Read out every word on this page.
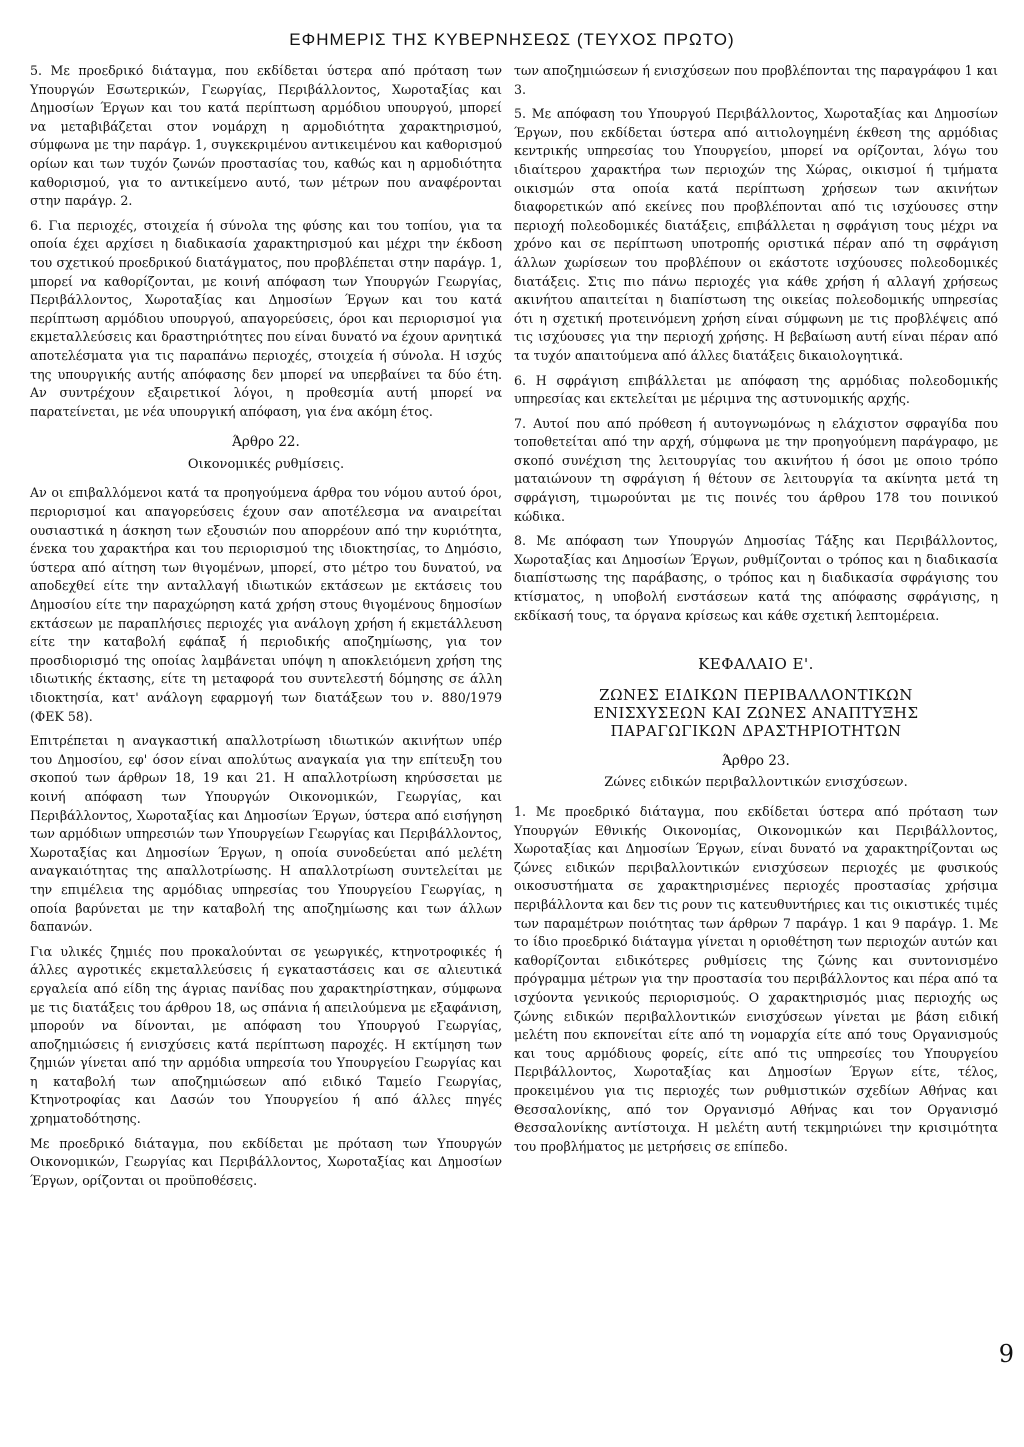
ΕΦΗΜΕΡΙΣ ΤΗΣ ΚΥΒΕΡΝΗΣΕΩΣ (ΤΕΥΧΟΣ ΠΡΩΤΟ)

5. Με προεδρικό διάταγμα, που εκδίδεται ύστερα από πρόταση των Υπουργών Εσωτερικών, Γεωργίας, Περιβάλλοντος, Χωροταξίας και Δημοσίων Έργων και του κατά περίπτωση αρμόδιου υπουργού, μπορεί να μεταβιβάζεται στον νομάρχη η αρμοδιότητα χαρακτηρισμού, σύμφωνα με την παράγρ. 1, συγκεκριμένου αντικειμένου και καθορισμού ορίων και των τυχόν ζωνών προστασίας του, καθώς και η αρμοδιότητα καθορισμού, για το αντικείμενο αυτό, των μέτρων που αναφέρονται στην παράγρ. 2.

6. Για περιοχές, στοιχεία ή σύνολα της φύσης και του τοπίου, για τα οποία έχει αρχίσει η διαδικασία χαρακτηρισμού και μέχρι την έκδοση του σχετικού προεδρικού διατάγματος, που προβλέπεται στην παράγρ. 1, μπορεί να καθορίζονται, με κοινή απόφαση των Υπουργών Γεωργίας, Περιβάλλοντος, Χωροταξίας και Δημοσίων Έργων και του κατά περίπτωση αρμόδιου υπουργού, απαγορεύσεις, όροι και περιορισμοί για εκμεταλλεύσεις και δραστηριότητες που είναι δυνατό να έχουν αρνητικά αποτελέσματα για τις παραπάνω περιοχές, στοιχεία ή σύνολα. Η ισχύς της υπουργικής αυτής απόφασης δεν μπορεί να υπερβαίνει τα δύο έτη. Αν συντρέχουν εξαιρετικοί λόγοι, η προθεσμία αυτή μπορεί να παρατείνεται, με νέα υπουργική απόφαση, για ένα ακόμη έτος.

Άρθρο 22.
Οικονομικές ρυθμίσεις.

Αν οι επιβαλλόμενοι κατά τα προηγούμενα άρθρα του νόμου αυτού όροι, περιορισμοί και απαγορεύσεις έχουν σαν αποτέλεσμα να αναιρείται ουσιαστικά η άσκηση των εξουσιών που απορρέουν από την κυριότητα, ένεκα του χαρακτήρα και του περιορισμού της ιδιοκτησίας, το Δημόσιο, ύστερα από αίτηση των θιγομένων, μπορεί, στο μέτρο του δυνατού, να αποδεχθεί είτε την ανταλλαγή ιδιωτικών εκτάσεων με εκτάσεις του Δημοσίου είτε την παραχώρηση κατά χρήση στους θιγομένους δημοσίων εκτάσεων με παραπλήσιες περιοχές για ανάλογη χρήση ή εκμετάλλευση είτε την καταβολή εφάπαξ ή περιοδικής αποζημίωσης, για τον προσδιορισμό της οποίας λαμβάνεται υπόψη η αποκλειόμενη χρήση της ιδιωτικής έκτασης, είτε τη μεταφορά του συντελεστή δόμησης σε άλλη ιδιοκτησία, κατ' ανάλογη εφαρμογή των διατάξεων του ν. 880/1979 (ΦΕΚ 58).

Επιτρέπεται η αναγκαστική απαλλοτρίωση ιδιωτικών ακινήτων υπέρ του Δημοσίου, εφ' όσον είναι απολύτως αναγκαία για την επίτευξη του σκοπού των άρθρων 18, 19 και 21. Η απαλλοτρίωση κηρύσσεται με κοινή απόφαση των Υπουργών Οικονομικών, Γεωργίας, και Περιβάλλοντος, Χωροταξίας και Δημοσίων Έργων, ύστερα από εισήγηση των αρμόδιων υπηρεσιών των Υπουργείων Γεωργίας και Περιβάλλοντος, Χωροταξίας και Δημοσίων Έργων, η οποία συνοδεύεται από μελέτη αναγκαιότητας της απαλλοτρίωσης. Η απαλλοτρίωση συντελείται με την επιμέλεια της αρμόδιας υπηρεσίας του Υπουργείου Γεωργίας, η οποία βαρύνεται με την καταβολή της αποζημίωσης και των άλλων δαπανών.

Για υλικές ζημιές που προκαλούνται σε γεωργικές, κτηνοτροφικές ή άλλες αγροτικές εκμεταλλεύσεις ή εγκαταστάσεις και σε αλιευτικά εργαλεία από είδη της άγριας πανίδας που χαρακτηρίστηκαν, σύμφωνα με τις διατάξεις του άρθρου 18, ως σπάνια ή απειλούμενα με εξαφάνιση, μπορούν να δίνονται, με απόφαση του Υπουργού Γεωργίας, αποζημιώσεις ή ενισχύσεις κατά περίπτωση παροχές. Η εκτίμηση των ζημιών γίνεται από την αρμόδια υπηρεσία του Υπουργείου Γεωργίας και η καταβολή των αποζημιώσεων από ειδικό Ταμείο Γεωργίας, Κτηνοτροφίας και Δασών του Υπουργείου ή από άλλες πηγές χρηματοδότησης.

Με προεδρικό διάταγμα, που εκδίδεται με πρόταση των Υπουργών Οικονομικών, Γεωργίας και Περιβάλλοντος, Χωροταξίας και Δημοσίων Έργων, ορίζονται οι προϋποθέσεις.

των αποζημιώσεων ή ενισχύσεων που προβλέπονται της παραγράφου 1 και 3.

5. Με απόφαση του Υπουργού Περιβάλλοντος, Χωροταξίας και Δημοσίων Έργων, που εκδίδεται ύστερα από αιτιολογημένη έκθεση της αρμόδιας κεντρικής υπηρεσίας του Υπουργείου, μπορεί να ορίζονται, λόγω του ιδιαίτερου χαρακτήρα των περιοχών της Χώρας, οικισμοί ή τμήματα οικισμών στα οποία κατά περίπτωση χρήσεων των ακινήτων διαφορετικών από εκείνες που προβλέπονται από τις ισχύουσες στην περιοχή πολεοδομικές διατάξεις, επιβάλλεται η σφράγιση τους μέχρι να χρόνο και σε περίπτωση υποτροπής οριστικά πέραν από τη σφράγιση άλλων χωρίσεων του προβλέπουν οι εκάστοτε ισχύουσες πολεοδομικές διατάξεις. Στις πιο πάνω περιοχές για κάθε χρήση ή αλλαγή χρήσεως ακινήτου απαιτείται η διαπίστωση της οικείας πολεοδομικής υπηρεσίας ότι η σχετική προτεινόμενη χρήση είναι σύμφωνη με τις προβλέψεις από τις ισχύουσες για την περιοχή χρήσης. Η βεβαίωση αυτή είναι πέραν από τα τυχόν απαιτούμενα από άλλες διατάξεις δικαιολογητικά.

6. Η σφράγιση επιβάλλεται με απόφαση της αρμόδιας πολεοδομικής υπηρεσίας και εκτελείται με μέριμνα της αστυνομικής αρχής.

7. Αυτοί που από πρόθεση ή αυτογνωμόνως η ελάχιστον σφραγίδα που τοποθετείται από την αρχή, σύμφωνα με την προηγούμενη παράγραφο, με σκοπό συνέχιση της λειτουργίας του ακινήτου ή όσοι με οποιο τρόπο ματαιώνουν τη σφράγιση ή θέτουν σε λειτουργία τα ακίνητα μετά τη σφράγιση, τιμωρούνται με τις ποινές του άρθρου 178 του ποινικού κώδικα.

8. Με απόφαση των Υπουργών Δημοσίας Τάξης και Περιβάλλοντος, Χωροταξίας και Δημοσίων Έργων, ρυθμίζονται ο τρόπος και η διαδικασία διαπίστωσης της παράβασης, ο τρόπος και η διαδικασία σφράγισης του κτίσματος, η υποβολή ενστάσεων κατά της απόφασης σφράγισης, η εκδίκασή τους, τα όργανα κρίσεως και κάθε σχετική λεπτομέρεια.

ΚΕΦΑΛΑΙΟ Ε'.
ΖΩΝΕΣ ΕΙΔΙΚΩΝ ΠΕΡΙΒΑΛΛΟΝΤΙΚΩΝ
ΕΝΙΣΧΥΣΕΩΝ ΚΑΙ ΖΩΝΕΣ ΑΝΑΠΤΥΞΗΣ
ΠΑΡΑΓΩΓΙΚΩΝ ΔΡΑΣΤΗΡΙΟΤΗΤΩΝ
Άρθρο 23.
Ζώνες ειδικών περιβαλλοντικών ενισχύσεων.

1. Με προεδρικό διάταγμα, που εκδίδεται ύστερα από πρόταση των Υπουργών Εθνικής Οικονομίας, Οικονομικών και Περιβάλλοντος, Χωροταξίας και Δημοσίων Έργων, είναι δυνατό να χαρακτηρίζονται ως ζώνες ειδικών περιβαλλοντικών ενισχύσεων περιοχές με φυσικούς οικοσυστήματα σε χαρακτηρισμένες περιοχές προστασίας χρήσιμα περιβάλλοντα και δεν τις ρουν τις κατευθυντήριες και τις οικιστικές τιμές των παραμέτρων ποιότητας των άρθρων 7 παράγρ. 1 και 9 παράγρ. 1. Με το ίδιο προεδρικό διάταγμα γίνεται η οριοθέτηση των περιοχών αυτών και καθορίζονται ειδικότερες ρυθμίσεις της ζώνης και συντονισμένο πρόγραμμα μέτρων για την προστασία του περιβάλλοντος και πέρα από τα ισχύοντα γενικούς περιορισμούς. Ο χαρακτηρισμός μιας περιοχής ως ζώνης ειδικών περιβαλλοντικών ενισχύσεων γίνεται με βάση ειδική μελέτη που εκπονείται είτε από τη νομαρχία είτε από τους Οργανισμούς και τους αρμόδιους φορείς, είτε από τις υπηρεσίες του Υπουργείου Περιβάλλοντος, Χωροταξίας και Δημοσίων Έργων είτε, τέλος, προκειμένου για τις περιοχές των ρυθμιστικών σχεδίων Αθήνας και Θεσσαλονίκης, από τον Οργανισμό Αθήνας και τον Οργανισμό Θεσσαλονίκης αντίστοιχα. Η μελέτη αυτή τεκμηριώνει την κρισιμότητα του προβλήματος με μετρήσεις σε επίπεδο.

9
